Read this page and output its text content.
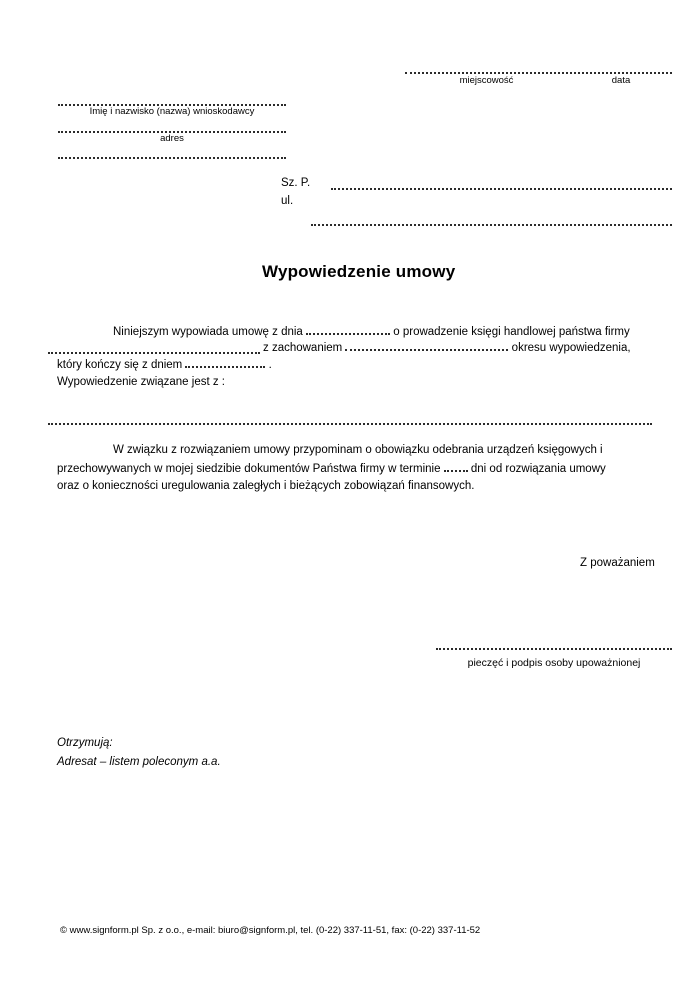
miejscowość	data
Imię i nazwisko (nazwa) wnioskodawcy
adres
Sz. P.
ul.
Wypowiedzenie umowy
Niniejszym wypowiada umowę z dnia	o prowadzenie księgi handlowej państwa firmy
z zachowaniem	okresu wypowiedzenia,
który kończy się z dniem	.
Wypowiedzenie związane jest z :
W związku z rozwiązaniem umowy przypominam o obowiązku odebrania urządzeń księgowych i
przechowywanych w mojej siedzibie dokumentów Państwa firmy w terminie	dni od rozwiązania umowy
oraz o konieczności uregulowania zaległych i bieżących zobowiązań finansowych.
Z poważaniem
pieczęć i podpis osoby upoważnionej
Otrzymują:
Adresat – listem poleconym a.a.
© www.signform.pl Sp. z o.o., e-mail: biuro@signform.pl, tel. (0-22) 337-11-51, fax: (0-22) 337-11-52
